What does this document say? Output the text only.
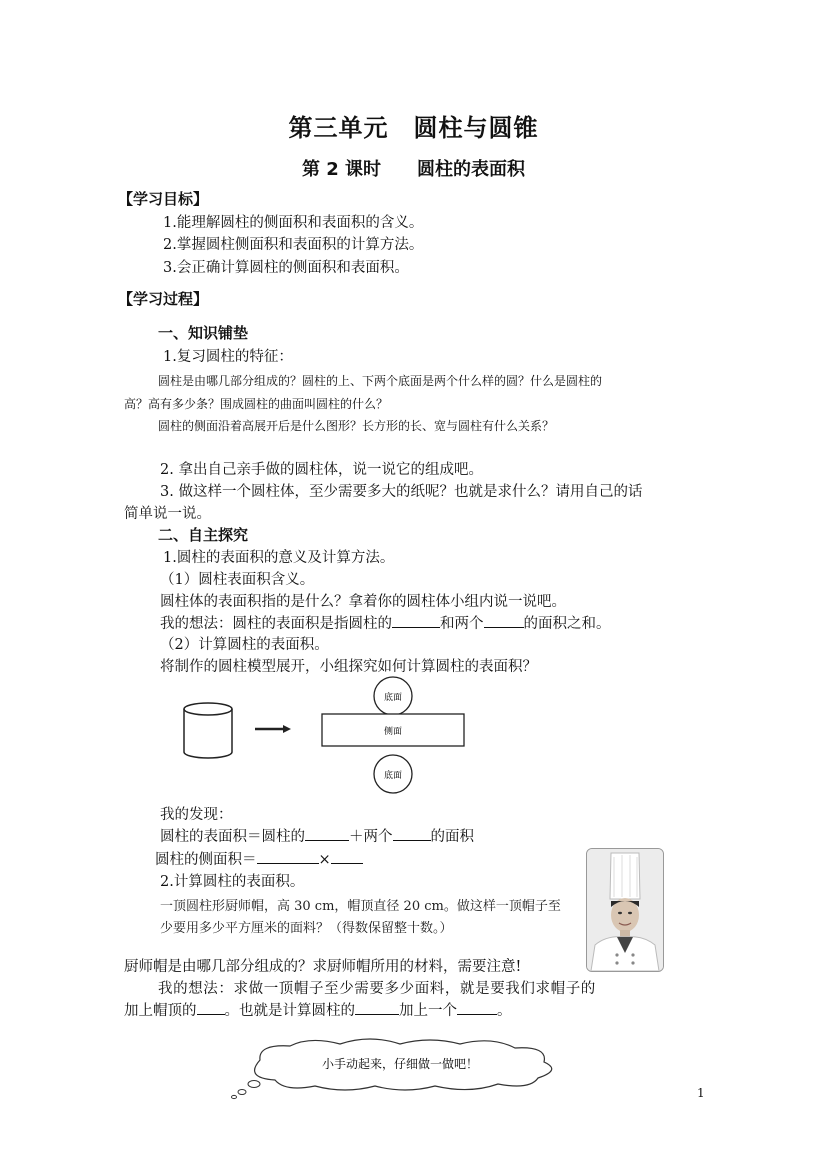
第三单元　圆柱与圆锥
第 2 课时　　圆柱的表面积
【学习目标】
1.能理解圆柱的侧面积和表面积的含义。
2.掌握圆柱侧面积和表面积的计算方法。
3.会正确计算圆柱的侧面积和表面积。
【学习过程】
一、知识铺垫
1.复习圆柱的特征：
圆柱是由哪几部分组成的？圆柱的上、下两个底面是两个什么样的圆？什么是圆柱的
高？高有多少条？围成圆柱的曲面叫圆柱的什么？
圆柱的侧面沿着高展开后是什么图形？长方形的长、宽与圆柱有什么关系？
2. 拿出自己亲手做的圆柱体，说一说它的组成吧。
3. 做这样一个圆柱体，至少需要多大的纸呢？也就是求什么？请用自己的话
简单说一说。
二、自主探究
1.圆柱的表面积的意义及计算方法。
（1）圆柱表面积含义。
圆柱体的表面积指的是什么？拿着你的圆柱体小组内说一说吧。
我的想法：圆柱的表面积是指圆柱的	和两个	的面积之和。
（2）计算圆柱的表面积。
将制作的圆柱模型展开，小组探究如何计算圆柱的表面积？
底面
侧面
底面
我的发现：
圆柱的表面积＝圆柱的	＋两个	的面积
圆柱的侧面积＝	×
2.计算圆柱的表面积。
一顶圆柱形厨师帽，高 30 cm，帽顶直径 20 cm。做这样一顶帽子至
少要用多少平方厘米的面料？（得数保留整十数。）
厨师帽是由哪几部分组成的？求厨师帽所用的材料，需要注意!
我的想法：求做一顶帽子至少需要多少面料，就是要我们求帽子的
加上帽顶的 。也就是计算圆柱的	加上一个	。
小手动起来，仔细做一做吧！
1
